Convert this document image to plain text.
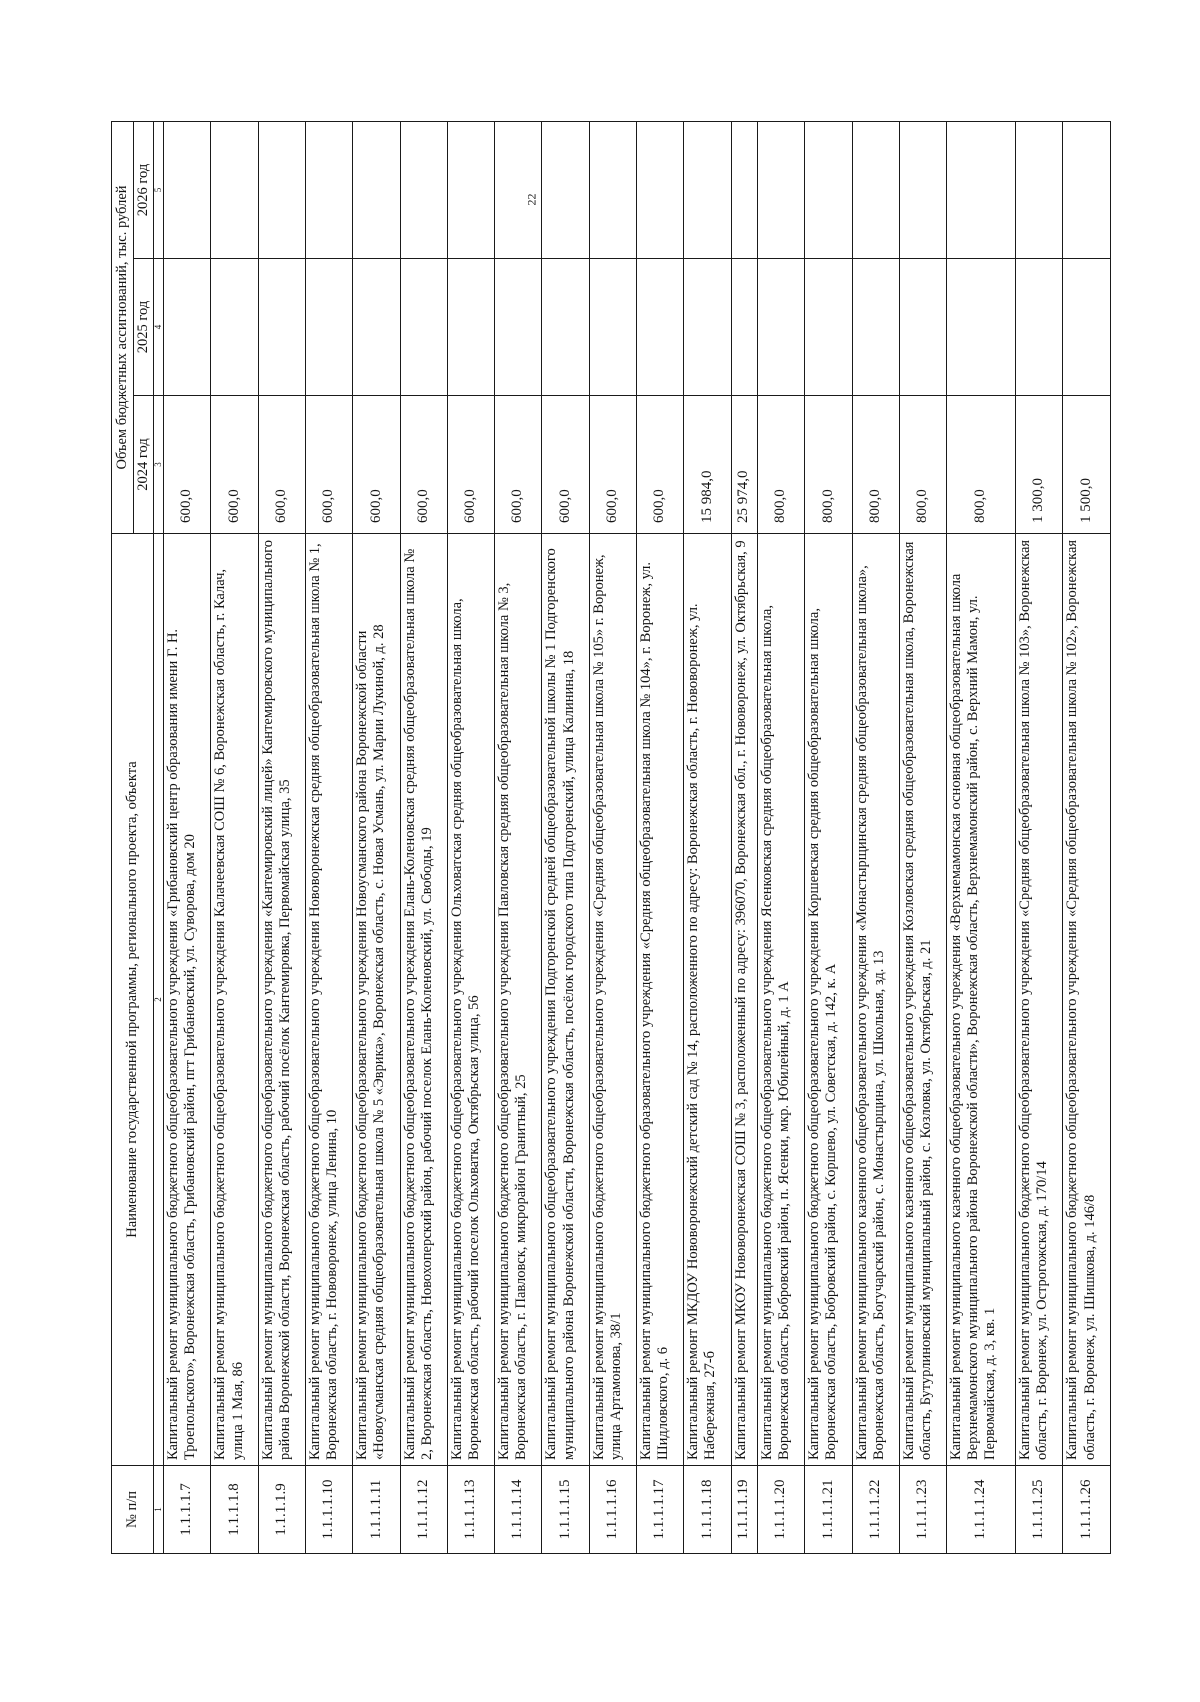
22
№ п/п	Наименование государственной программы, регионального проекта, объекта	Объем бюджетных ассигнований, тыс. рублей		
		2024 год	2025 год	2026 год
1	2	3	4	5
1.1.1.1.7	Капитальный ремонт муниципального бюджетного общеобразовательного учреждения «Грибановский центр образования имени Г. Н. Троепольского», Воронежская область, Грибановский район, пгт Грибановский, ул. Суворова, дом 20	600,0		
1.1.1.1.8	Капитальный ремонт муниципального бюджетного общеобразовательного учреждения Калачеевская СОШ № 6, Воронежская область, г. Калач, улица 1 Мая, 86	600,0		
1.1.1.1.9	Капитальный ремонт муниципального бюджетного общеобразовательного учреждения «Кантемировский лицей» Кантемировского муниципального района Воронежской области, Воронежская область, рабочий посёлок Кантемировка, Первомайская улица, 35	600,0		
1.1.1.1.10	Капитальный ремонт муниципального бюджетного общеобразовательного учреждения Нововоронежская средняя общеобразовательная школа № 1, Воронежская область, г. Нововоронеж, улица Ленина, 10	600,0		
1.1.1.1.11	Капитальный ремонт муниципального бюджетного общеобразовательного учреждения Новоусманского района Воронежской области «Новоусманская средняя общеобразовательная школа № 5 «Эврика», Воронежская область, с. Новая Усмань, ул. Марии Лукиной, д. 28	600,0		
1.1.1.1.12	Капитальный ремонт муниципального бюджетного общеобразовательного учреждения Елань-Коленовская средняя общеобразовательная школа № 2, Воронежская область, Новохоперский район, рабочий поселок Елань-Коленовский, ул. Свободы, 19	600,0		
1.1.1.1.13	Капитальный ремонт муниципального бюджетного общеобразовательного учреждения Ольховатская средняя общеобразовательная школа, Воронежская область, рабочий поселок Ольховатка, Октябрьская улица, 56	600,0		
1.1.1.1.14	Капитальный ремонт муниципального бюджетного общеобразовательного учреждения Павловская средняя общеобразовательная школа № 3, Воронежская область, г. Павловск, микрорайон Гранитный, 25	600,0		
1.1.1.1.15	Капитальный ремонт муниципального общеобразовательного учреждения Подгоренской средней общеобразовательной школы № 1 Подгоренского муниципального района Воронежской области, Воронежская область, посёлок городского типа Подгоренский, улица Калинина, 18	600,0		
1.1.1.1.16	Капитальный ремонт муниципального бюджетного общеобразовательного учреждения «Средняя общеобразовательная школа № 105» г. Воронеж, улица Артамонова, 38/1	600,0		
1.1.1.1.17	Капитальный ремонт муниципального бюджетного образовательного учреждения «Средняя общеобразовательная школа № 104», г. Воронеж, ул. Шидловского, д. 6	600,0		
1.1.1.1.18	Капитальный ремонт МКДОУ Нововоронежский детский сад № 14, расположенного по адресу: Воронежская область, г. Нововоронеж, ул. Набережная, 27-б	15 984,0		
1.1.1.1.19	Капитальный ремонт МКОУ Нововоронежская СОШ № 3, расположенный по адресу: 396070, Воронежская обл., г. Нововоронеж, ул. Октябрьская, 9	25 974,0		
1.1.1.1.20	Капитальный ремонт муниципального бюджетного общеобразовательного учреждения Ясенковская средняя общеобразовательная школа, Воронежская область, Бобровский район, п. Ясенки, мкр. Юбилейный, д. 1 А	800,0		
1.1.1.1.21	Капитальный ремонт муниципального бюджетного общеобразовательного учреждения Коршевская средняя общеобразовательная школа, Воронежская область, Бобровский район, с. Коршево, ул. Советская, д. 142, к. А	800,0		
1.1.1.1.22	Капитальный ремонт муниципального казенного общеобразовательного учреждения «Монастырщинская средняя общеобразовательная школа», Воронежская область, Богучарский район, с. Монастырщина, ул. Школьная, зд. 13	800,0		
1.1.1.1.23	Капитальный ремонт муниципального казенного общеобразовательного учреждения Козловская средняя общеобразовательная школа, Воронежская область, Бутурлиновский муниципальный район, с. Козловка, ул. Октябрьская, д. 21	800,0		
1.1.1.1.24	Капитальный ремонт муниципального казенного общеобразовательного учреждения «Верхнемамонская основная общеобразовательная школа Верхнемамонского муниципального района Воронежской области», Воронежская область, Верхнемамонский район, с. Верхний Мамон, ул. Первомайская, д. 3, кв. 1	800,0		
1.1.1.1.25	Капитальный ремонт муниципального бюджетного общеобразовательного учреждения «Средняя общеобразовательная школа № 103», Воронежская область, г. Воронеж, ул. Острогожская, д. 170/14	1 300,0		
1.1.1.1.26	Капитальный ремонт муниципального бюджетного общеобразовательного учреждения «Средняя общеобразовательная школа № 102», Воронежская область, г. Воронеж, ул. Шишкова, д. 146/8	1 500,0		
